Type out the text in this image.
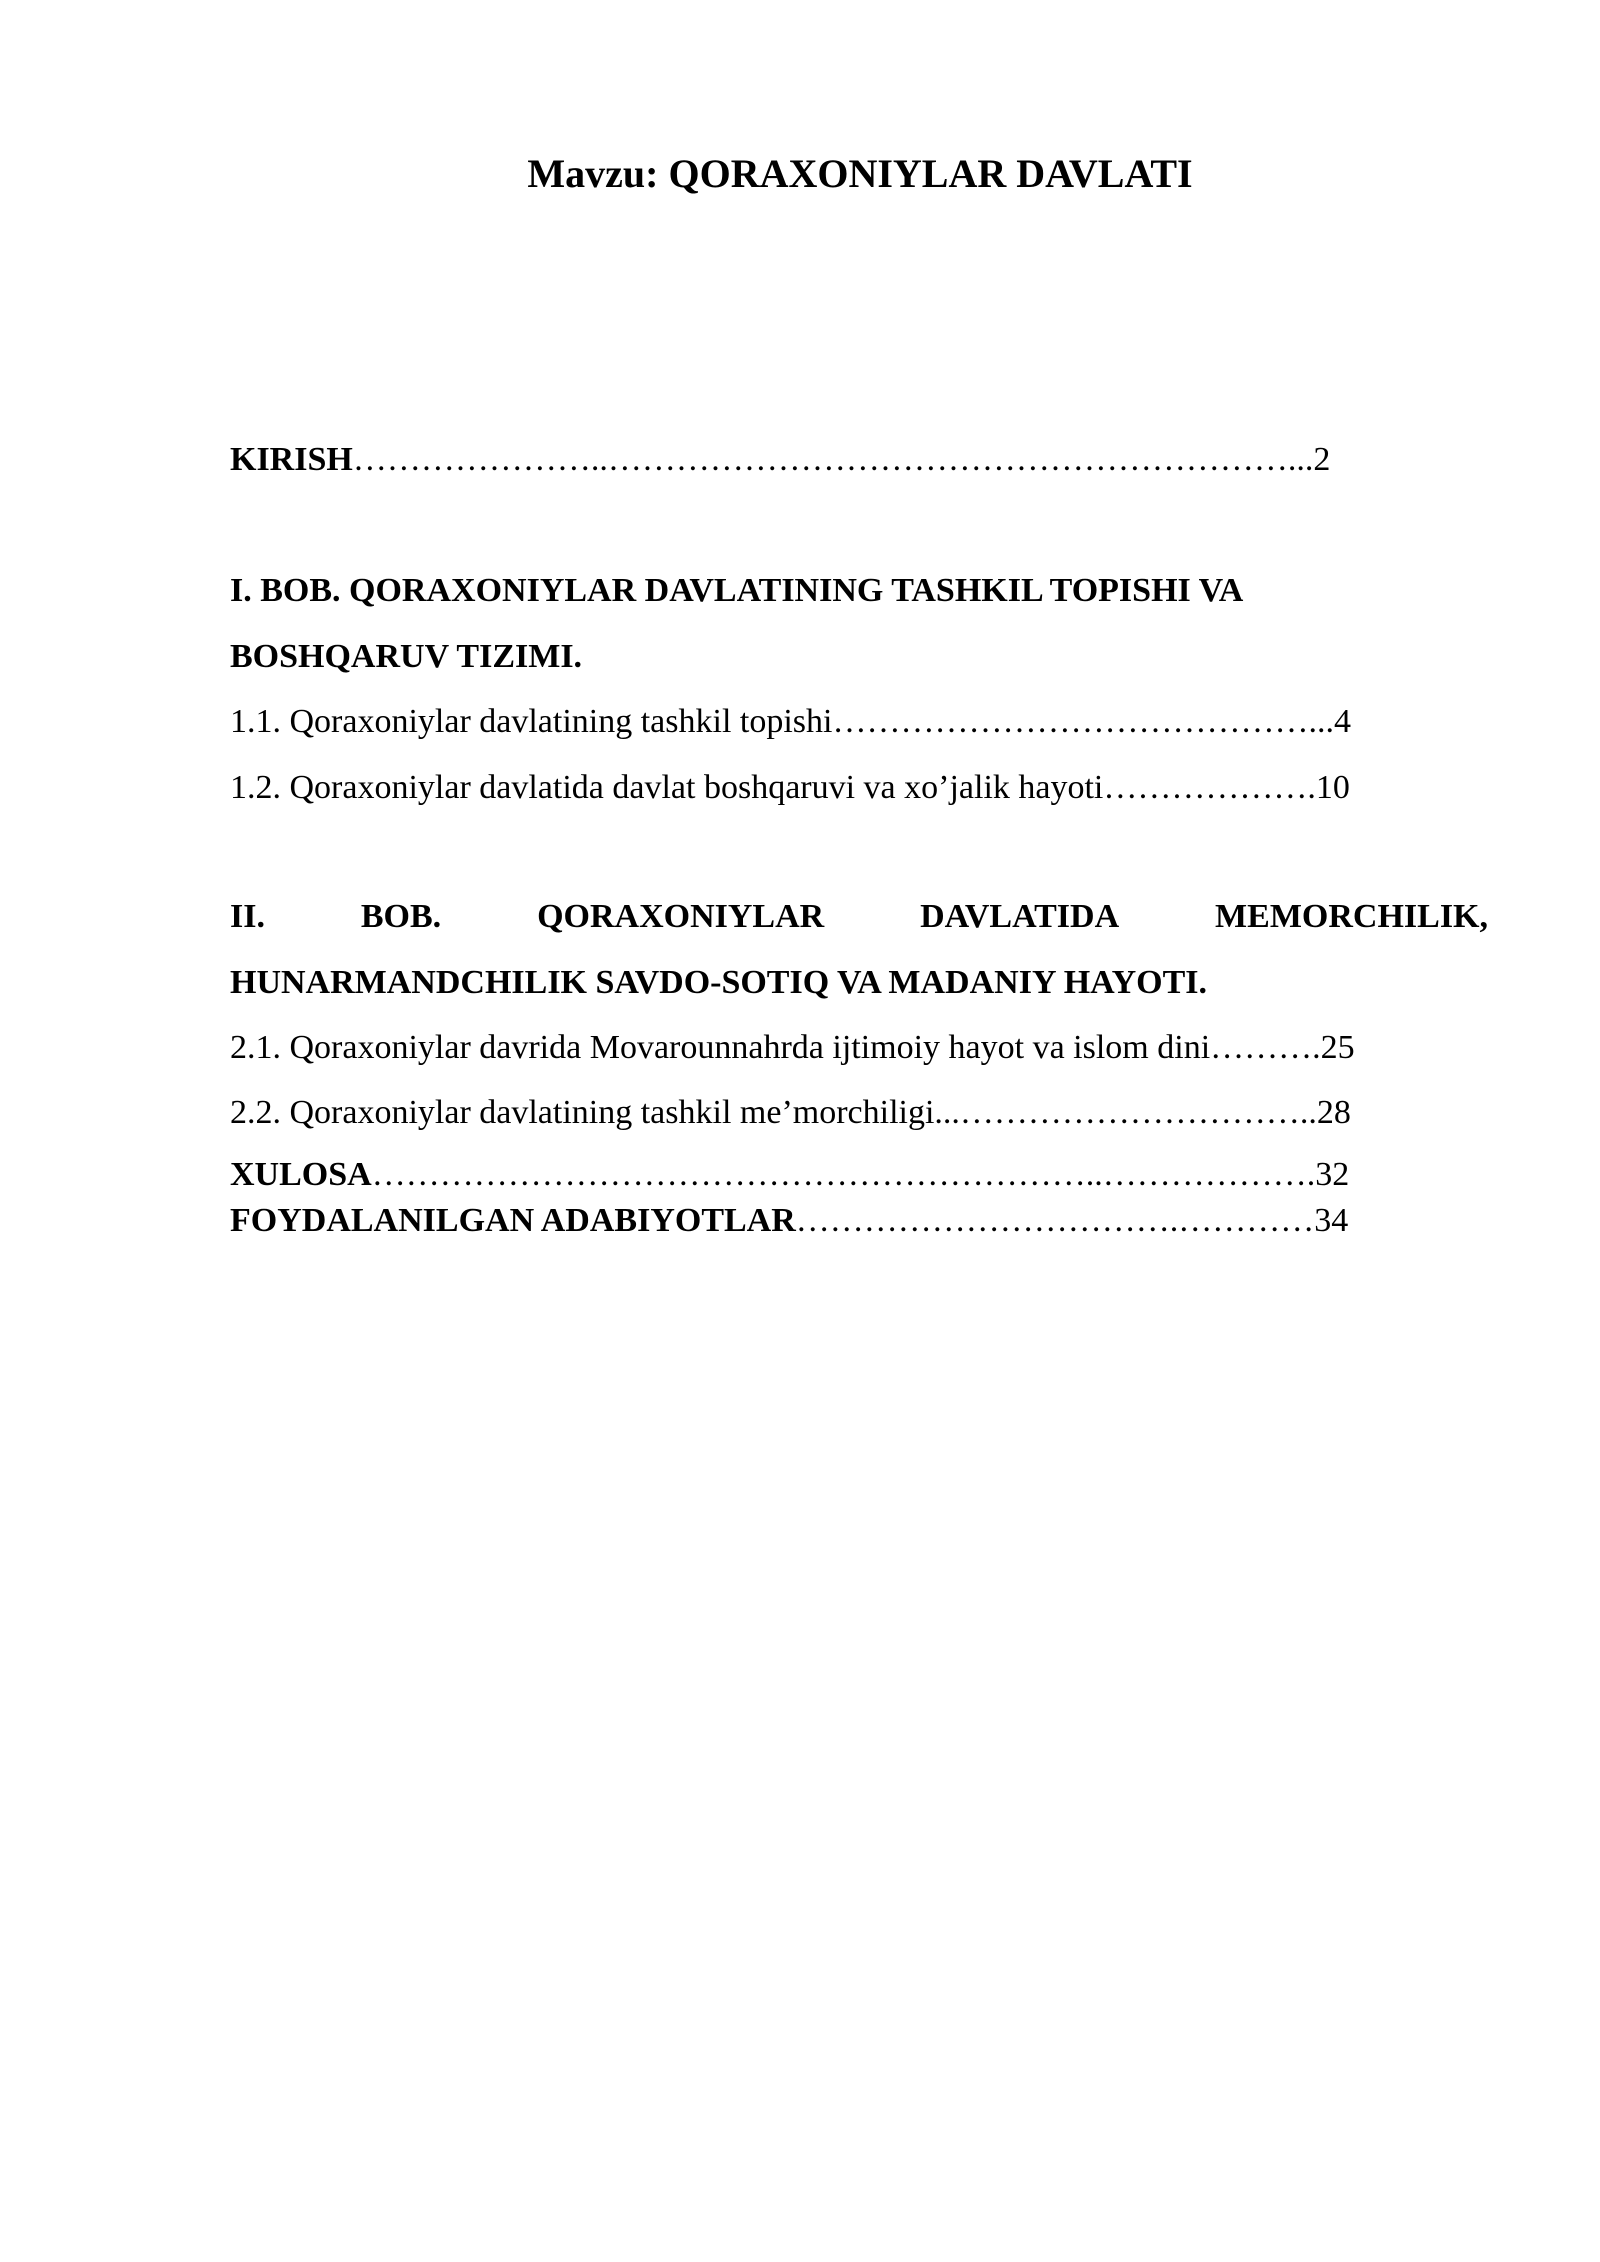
Mavzu: QORAXONIYLAR DAVLATI
KIRISH…………………..……………………………………………………...2
I. BOB. QORAXONIYLAR DAVLATINING TASHKIL TOPISHI VA
BOSHQARUV TIZIMI.
1.1. Qoraxoniylar davlatining tashkil topishi……………………………………...4
1.2. Qoraxoniylar davlatida davlat boshqaruvi va xo’jalik hayoti……………….10
II.	BOB.	QORAXONIYLAR	DAVLATIDA	MEMORCHILIK,
HUNARMANDCHILIK SAVDO-SOTIQ VA MADANIY HAYOTI.
2.1. Qoraxoniylar davrida Movarounnahrda ijtimoiy hayot va islom dini……….25
2.2. Qoraxoniylar davlatining tashkil me’morchiligi...…………………………..28
XULOSA………………………………………………………..……………….32
FOYDALANILGAN ADABIYOTLAR…………………………….…………34
